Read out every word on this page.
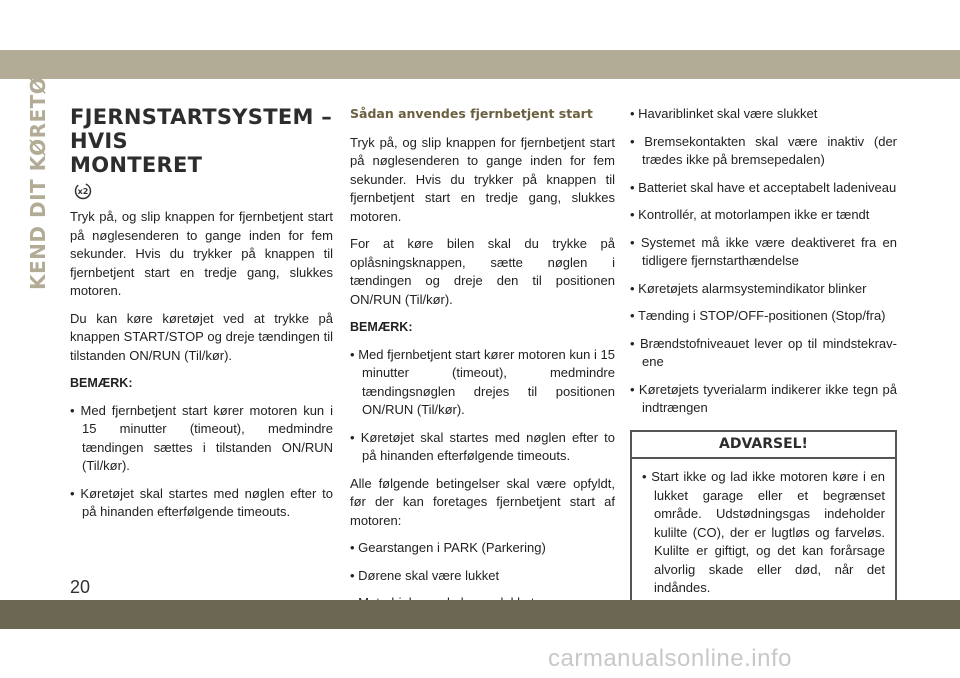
KEND DIT KØRETØJ FJERNSTARTSYSTEM – HVIS
MONTERET
x2

Tryk på, og slip knappen for fjernbetjent start på nøglesenderen to gange inden for fem sekunder. Hvis du trykker på knappen til fjernbetjent start en tredje gang, slukkes motoren.

Du kan køre køretøjet ved at trykke på knappen START/STOP og dreje tændingen til tilstanden ON/RUN (Til/kør).

BEMÆRK:
• Med fjernbetjent start kører motoren kun i 15 minutter (timeout), medmindre tændingen sættes i tilstanden ON/RUN (Til/kør).
• Køretøjet skal startes med nøglen efter to på hinanden efterfølgende timeouts.
Sådan anvendes fjernbetjent start

Tryk på, og slip knappen for fjernbetjent start på nøglesenderen to gange inden for fem sekunder. Hvis du trykker på knappen til fjernbetjent start en tredje gang, slukkes motoren.

For at køre bilen skal du trykke på oplåsningsknappen, sætte nøglen i tændingen og dreje den til positionen ON/RUN (Til/kør).

BEMÆRK:
• Med fjernbetjent start kører motoren kun i 15 minutter (timeout), medmindre tændingsnøglen drejes til positionen ON/RUN (Til/kør).
• Køretøjet skal startes med nøglen efter to på hinanden efterfølgende timeouts.

Alle følgende betingelser skal være opfyldt, før der kan foretages fjernbetjent start af motoren:

• Gearstangen i PARK (Parkering)
• Dørene skal være lukket
•
•
• Havariblinket skal være slukket
• Bremsekontakten skal være inaktiv (der trædes ikke på bremsepedalen)
• Batteriet skal have et acceptabelt ladeniveau
• Kontrollér, at motorlampen ikke er tændt
• Systemet må ikke være deaktiveret fra en tidligere fjernstarthændelse
• Køretøjets alarmsystemindikator blinker
• Tænding i STOP/OFF-positionen (Stop/fra)
• Brændstofniveauet lever op til mindstekravene
• Køretøjets tyverialarm indikerer ikke tegn på indtrængen
ADVARSEL!
• Start ikke og lad ikke motoren køre i en lukket garage eller et begrænset område. Udstødningsgas indeholder kulilte (CO), der er lugtløs og farveløs. Kulilte er giftigt, og det kan forårsage alvorlig skade eller død, når det indåndes.
20
carmanualsonline.info
